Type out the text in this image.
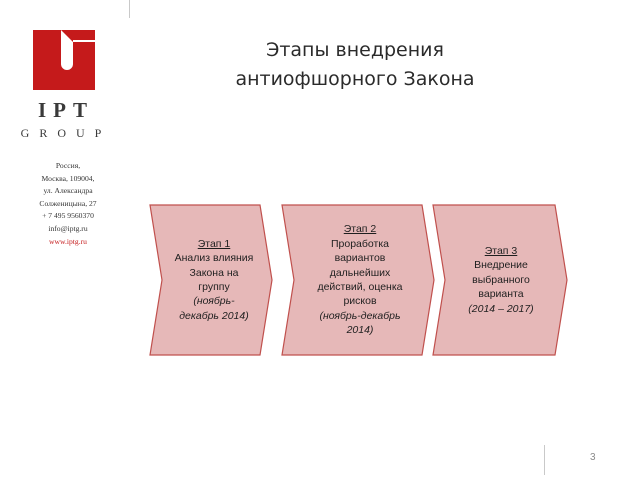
IPT
GROUP
Россия,
Москва, 109004,
ул. Александра
Солженицына, 27
+ 7 495 9560370
info@iptg.ru
www.iptg.ru
Этапы внедрения
антиофшорного Закона
Этап 1
Анализ влияния
Закона на
группу
(ноябрь-
декабрь 2014)
Этап 2
Проработка
вариантов
дальнейших
действий, оценка
рисков
(ноябрь-декабрь
2014)
Этап 3
Внедрение
выбранного
варианта
(2014 – 2017)
3
